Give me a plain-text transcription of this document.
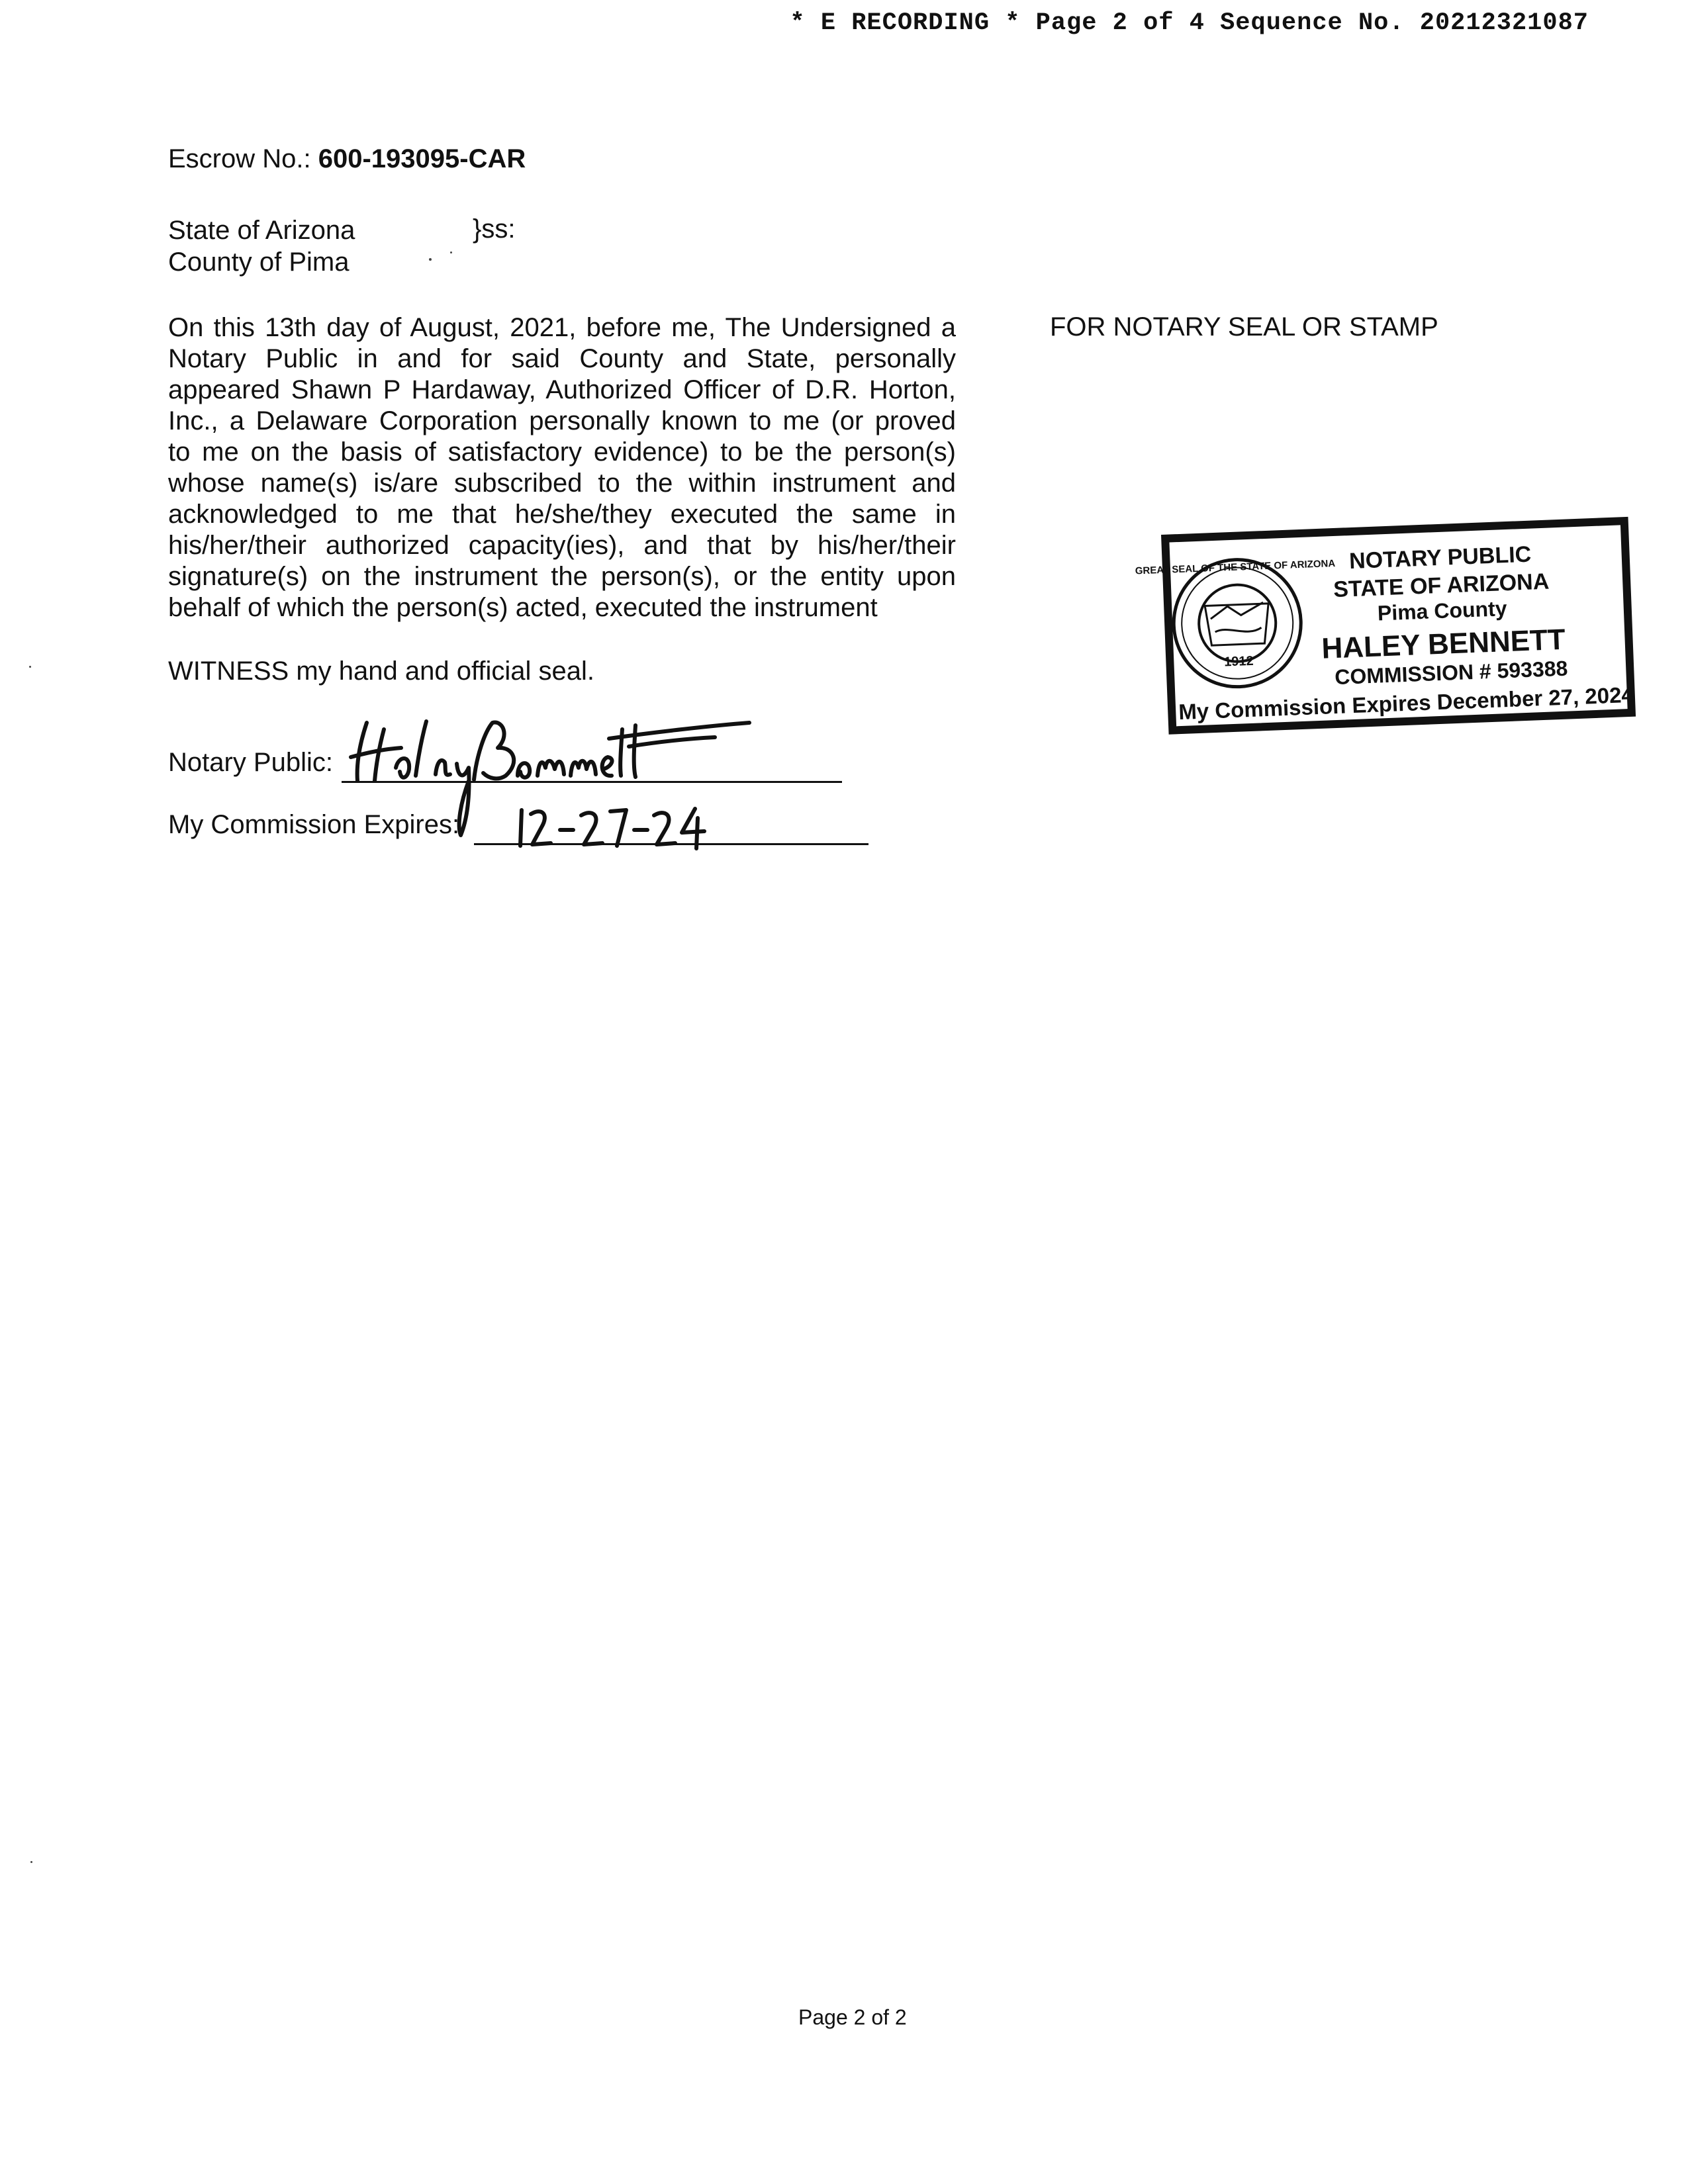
* E RECORDING * Page 2 of 4 Sequence No. 20212321087
Escrow No.: 600-193095-CAR
State of Arizona	}ss:
County of Pima
On this 13th day of August, 2021, before me, The Undersigned a
Notary Public in and for said County and State, personally
appeared Shawn P Hardaway, Authorized Officer of D.R. Horton,
Inc., a Delaware Corporation personally known to me (or proved
to me on the basis of satisfactory evidence) to be the person(s)
whose name(s) is/are subscribed to the within instrument and
acknowledged to me that he/she/they executed the same in
his/her/their authorized capacity(ies), and that by his/her/their
signature(s) on the instrument the person(s), or the entity upon
behalf of which the person(s) acted, executed the instrument
FOR NOTARY SEAL OR STAMP
WITNESS my hand and official seal.
Notary Public:
My Commission Expires:
1912
GREAT SEAL OF THE STATE OF ARIZONA NOTARY PUBLIC
STATE OF ARIZONA
Pima County
HALEY BENNETT
COMMISSION # 593388
My Commission Expires December 27, 2024
Page 2 of 2
